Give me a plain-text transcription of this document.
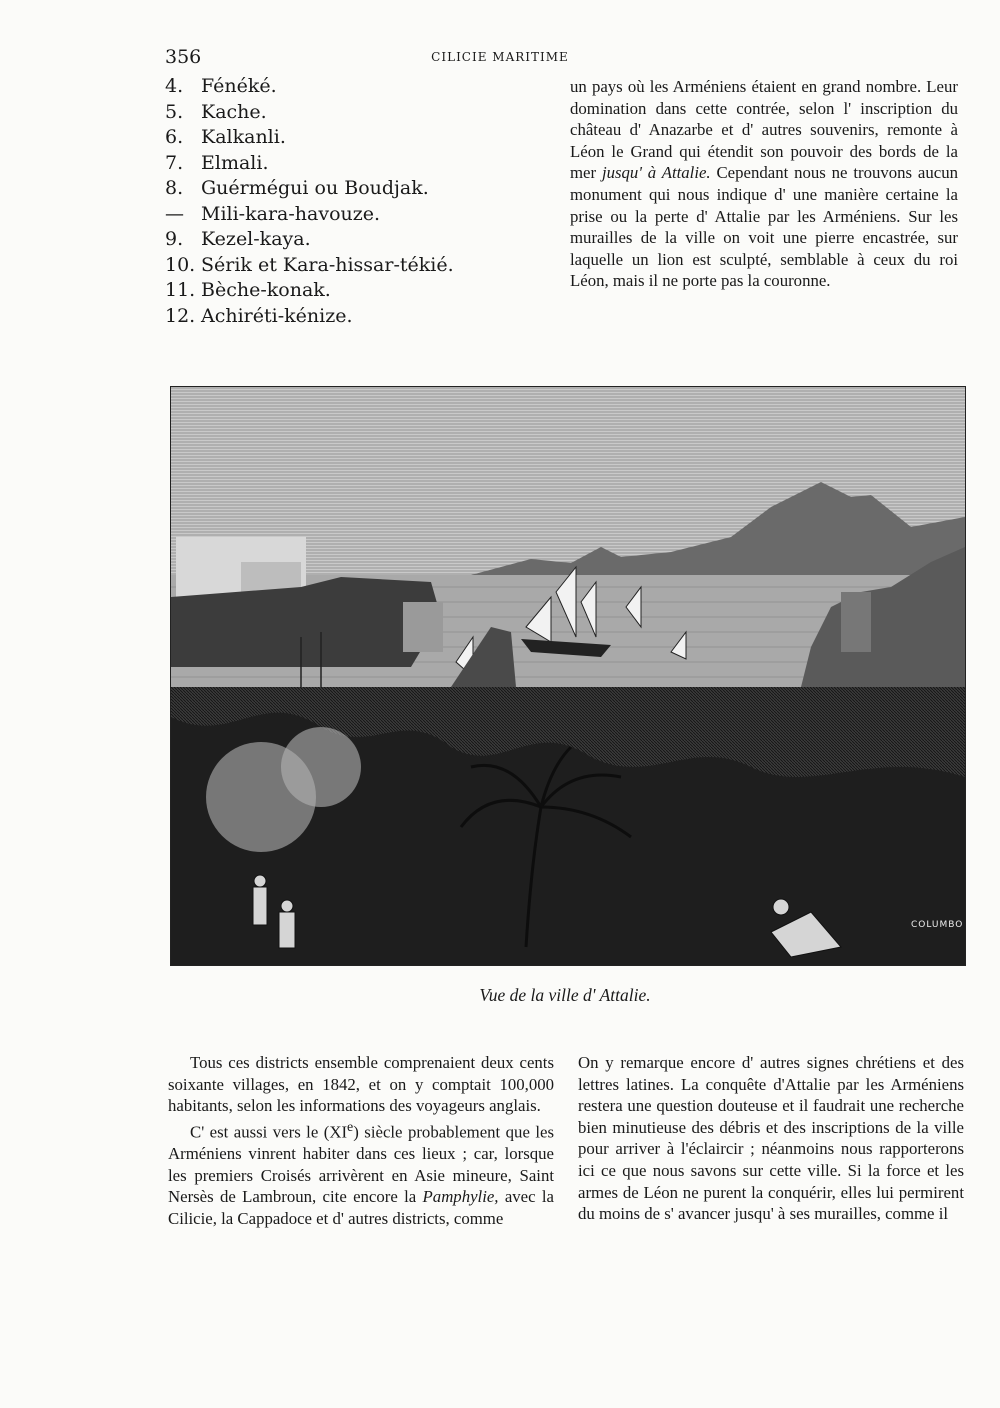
356	CILICIE MARITIME
4. Fénéké.
5. Kache.
6. Kalkanli.
7. Elmali.
8. Guérmégui ou Boudjak.
— Mili-kara-havouze.
9. Kezel-kaya.
10. Sérik et Kara-hissar-tékié.
11. Bèche-konak.
12. Achiréti-kénize.

un pays où les Arméniens étaient en grand nombre. Leur domination dans cette contrée, selon l' inscription du château d' Anazarbe et d' autres souvenirs, remonte à Léon le Grand qui étendit son pouvoir des bords de la mer jusqu' à Attalie. Cependant nous ne trouvons aucun monument qui nous indique d' une manière certaine la prise ou la perte d' Attalie par les Arméniens. Sur les murailles de la ville on voit une pierre encastrée, sur laquelle un lion est sculpté, semblable à ceux du roi Léon, mais il ne porte pas la couronne.

COLUMBO
Vue de la ville d' Attalie.

Tous ces districts ensemble comprenaient deux cents soixante villages, en 1842, et on y comptait 100,000 habitants, selon les informations des voyageurs anglais.

C' est aussi vers le (XIe) siècle probablement que les Arméniens vinrent habiter dans ces lieux ; car, lorsque les premiers Croisés arrivèrent en Asie mineure, Saint Nersès de Lambroun, cite encore la Pamphylie, avec la Cilicie, la Cappadoce et d' autres districts, comme

On y remarque encore d' autres signes chrétiens et des lettres latines. La conquête d'Attalie par les Arméniens restera une question douteuse et il faudrait une recherche bien minutieuse des débris et des inscriptions de la ville pour arriver à l'éclaircir ; néanmoins nous rapporterons ici ce que nous savons sur cette ville. Si la force et les armes de Léon ne purent la conquérir, elles lui permirent du moins de s' avancer jusqu' à ses murailles, comme il
